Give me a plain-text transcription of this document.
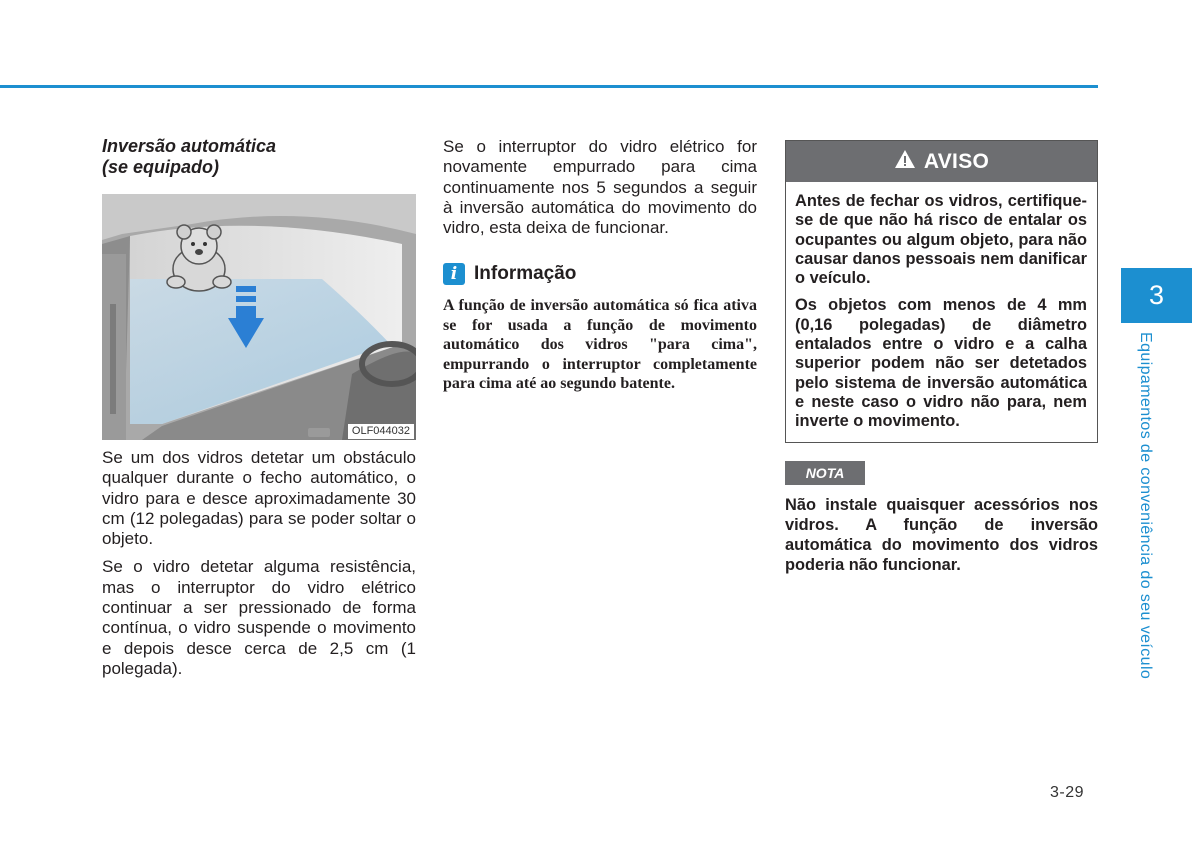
Inversão automática
(se equipado)

OLF044032

Se um dos vidros detetar um obstáculo qualquer durante o fecho automático, o vidro para e desce aproximadamente 30 cm (12 polegadas) para se poder soltar o objeto.

Se o vidro detetar alguma resistência, mas o interruptor do vidro elétrico continuar a ser pressionado de forma contínua, o vidro suspende o movimento e depois desce cerca de 2,5 cm (1 polegada).

Se o interruptor do vidro elétrico for novamente empurrado para cima continuamente nos 5 segundos a seguir à inversão automática do movimento do vidro, esta deixa de funcionar.

i Informação

A função de inversão automática só fica ativa se for usada a função de movimento automático dos vidros "para cima", empurrando o interruptor completamente para cima até ao segundo batente.

AVISO

Antes de fechar os vidros, certifique-se de que não há risco de entalar os ocupantes ou algum objeto, para não causar danos pessoais nem danificar o veículo.

Os objetos com menos de 4 mm (0,16 polegadas) de diâmetro entalados entre o vidro e a calha superior podem não ser detetados pelo sistema de inversão automática e neste caso o vidro não para, nem inverte o movimento.

NOTA

Não instale quaisquer acessórios nos vidros. A função de inversão automática do movimento dos vidros poderia não funcionar.

3
Equipamentos de conveniência do seu veículo
3-29
